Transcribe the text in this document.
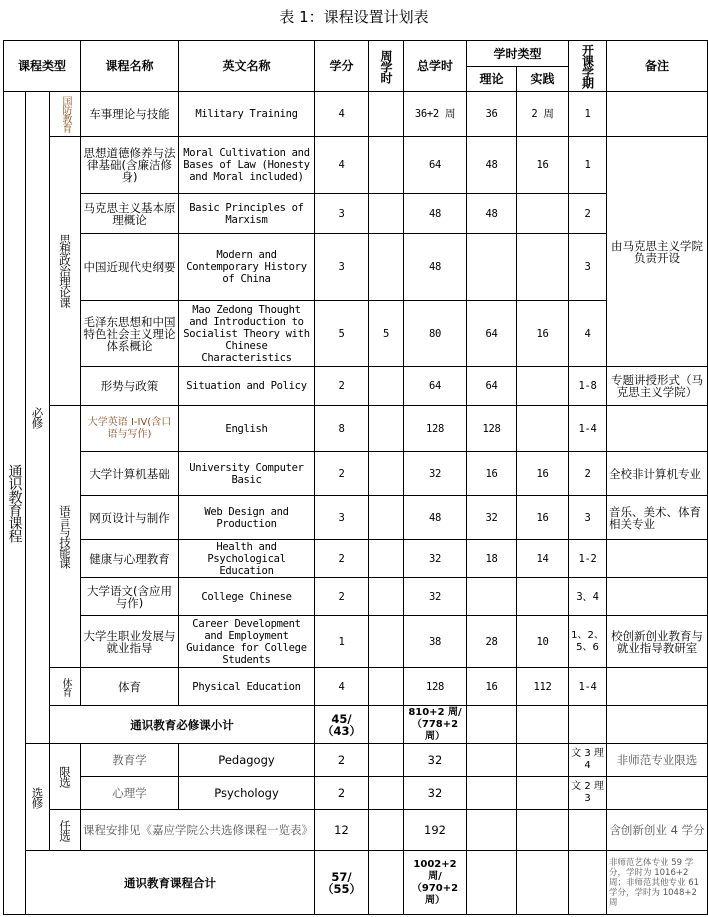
表 1：课程设置计划表
课程类型			课程名称	英文名称	学分	周学时	总学时	学时类型		开课学期	备注
								理论	实践		

通识教育课程	必修	国防教育	车事理论与技能	Military Training	4		36+2 周	36	2 周	1	

		思想政治理论课	思想道德修养与法律基础(含廉洁修身)	Moral Cultivation and Bases of Law (Honesty and Moral included)	4		64	48	16	1	由马克思主义学院负责开设
			马克思主义基本原理概论	Basic Principles of Marxism	3		48	48		2	
			中国近现代史纲要	Modern and Contemporary History of China	3		48			3	
			毛泽东思想和中国特色社会主义理论体系概论	Mao Zedong Thought and Introduction to Socialist Theory with Chinese Characteristics	5	5	80	64	16	4	
			形势与政策	Situation and Policy	2		64	64		1-8	专题讲授形式（马克思主义学院）

		语言与技能课	大学英语 I-IV(含口语与写作)	English	8		128	128		1-4	
			大学计算机基础	University Computer Basic	2		32	16	16	2	全校非计算机专业
			网页设计与制作	Web Design and Production	3		48	32	16	3	音乐、美术、体育相关专业
			健康与心理教育	Health and Psychological Education	2		32	18	14	1-2	
			大学语文(含应用与作)	College Chinese	2		32			3、4	
			大学生职业发展与就业指导	Career Development and Employment Guidance for College Students	1		38	28	10	1、2、5、6	校创新创业教育与就业指导教研室

		体育	体育	Physical Education	4		128	16	112	1-4	
		通识教育必修课小计			45/（43）		810+2 周/（778+2 周）				

	选修	限选	教育学	Pedagogy	2		32			文 3 理 4	非师范专业限选
			心理学	Psychology	2		32			文 2 理 3	

		任选	课程安排见《嘉应学院公共选修课程一览表》		12		192				含创新创业 4 学分
	通识教育课程合计				57/（55）		1002+2 周/（970+2 周）				非师范艺体专业 59 学分，学时为 1016+2 周；非师范其他专业 61 学分，学时为 1048+2 周
